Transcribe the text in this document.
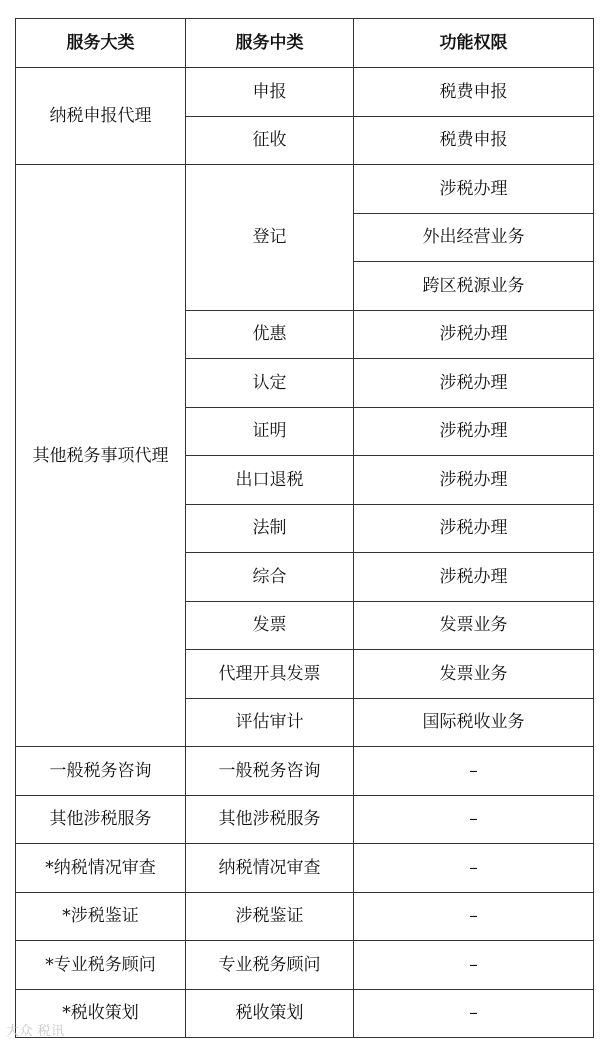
服务大类	服务中类	功能权限
纳税申报代理	申报	税费申报
	征收	税费申报
其他税务事项代理	登记	涉税办理
		外出经营业务
		跨区税源业务
	优惠	涉税办理
	认定	涉税办理
	证明	涉税办理
	出口退税	涉税办理
	法制	涉税办理
	综合	涉税办理
	发票	发票业务
	代理开具发票	发票业务
	评估审计	国际税收业务
一般税务咨询	一般税务咨询	–
其他涉税服务	其他涉税服务	–
*纳税情况审查	纳税情况审查	–
*涉税鉴证	涉税鉴证	–
*专业税务顾问	专业税务顾问	–
*税收策划	税收策划	–
大众 税讯
